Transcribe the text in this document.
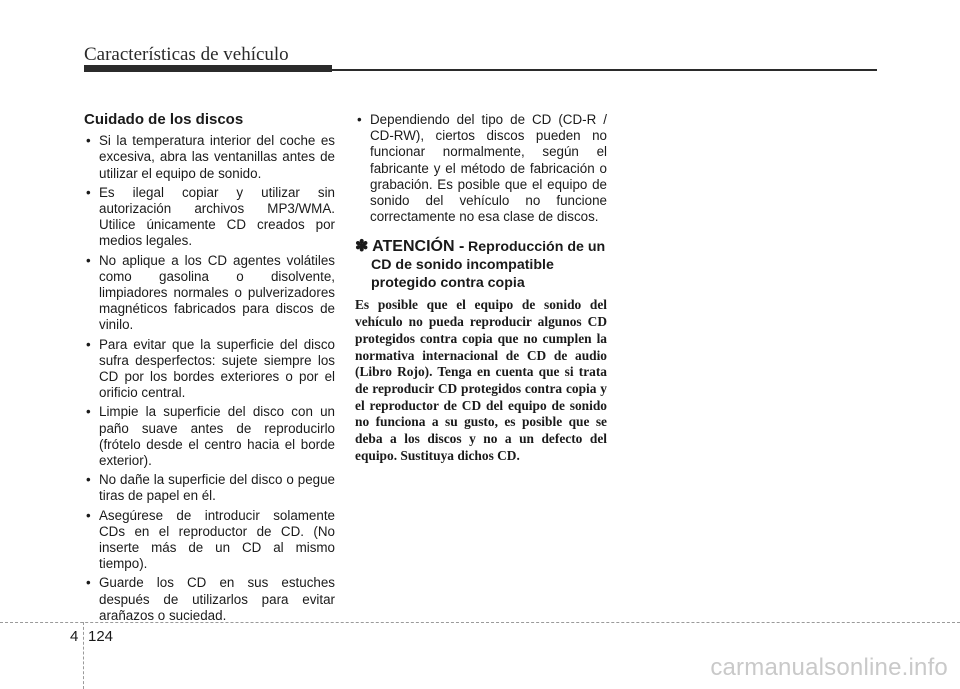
Características de vehículo
Cuidado de los discos
• Si la temperatura interior del coche es excesiva, abra las ventanillas antes de utilizar el equipo de sonido.
• Es ilegal copiar y utilizar sin autorización archivos MP3/WMA. Utilice únicamente CD creados por medios legales.
• No aplique a los CD agentes volátiles como gasolina o disolvente, limpiadores normales o pulverizadores magnéticos fabricados para discos de vinilo.
• Para evitar que la superficie del disco sufra desperfectos: sujete siempre los CD por los bordes exteriores o por el orificio central.
• Limpie la superficie del disco con un paño suave antes de reproducirlo (frótelo desde el centro hacia el borde exterior).
• No dañe la superficie del disco o pegue tiras de papel en él.
• Asegúrese de introducir solamente CDs en el reproductor de CD. (No inserte más de un CD al mismo tiempo).
• Guarde los CD en sus estuches después de utilizarlos para evitar arañazos o suciedad.
• Dependiendo del tipo de CD (CD-R / CD-RW), ciertos discos pueden no funcionar normalmente, según el fabricante y el método de fabricación o grabación. Es posible que el equipo de sonido del vehículo no funcione correctamente no esa clase de discos.
✽ ATENCIÓN - Reproducción de un CD de sonido incompatible protegido contra copia
Es posible que el equipo de sonido del vehículo no pueda reproducir algunos CD protegidos contra copia que no cumplen la normativa internacional de CD de audio (Libro Rojo). Tenga en cuenta que si trata de reproducir CD protegidos contra copia y el reproductor de CD del equipo de sonido no funciona a su gusto, es posible que se deba a los discos y no a un defecto del equipo. Sustituya dichos CD.
4 124
carmanualsonline.info
